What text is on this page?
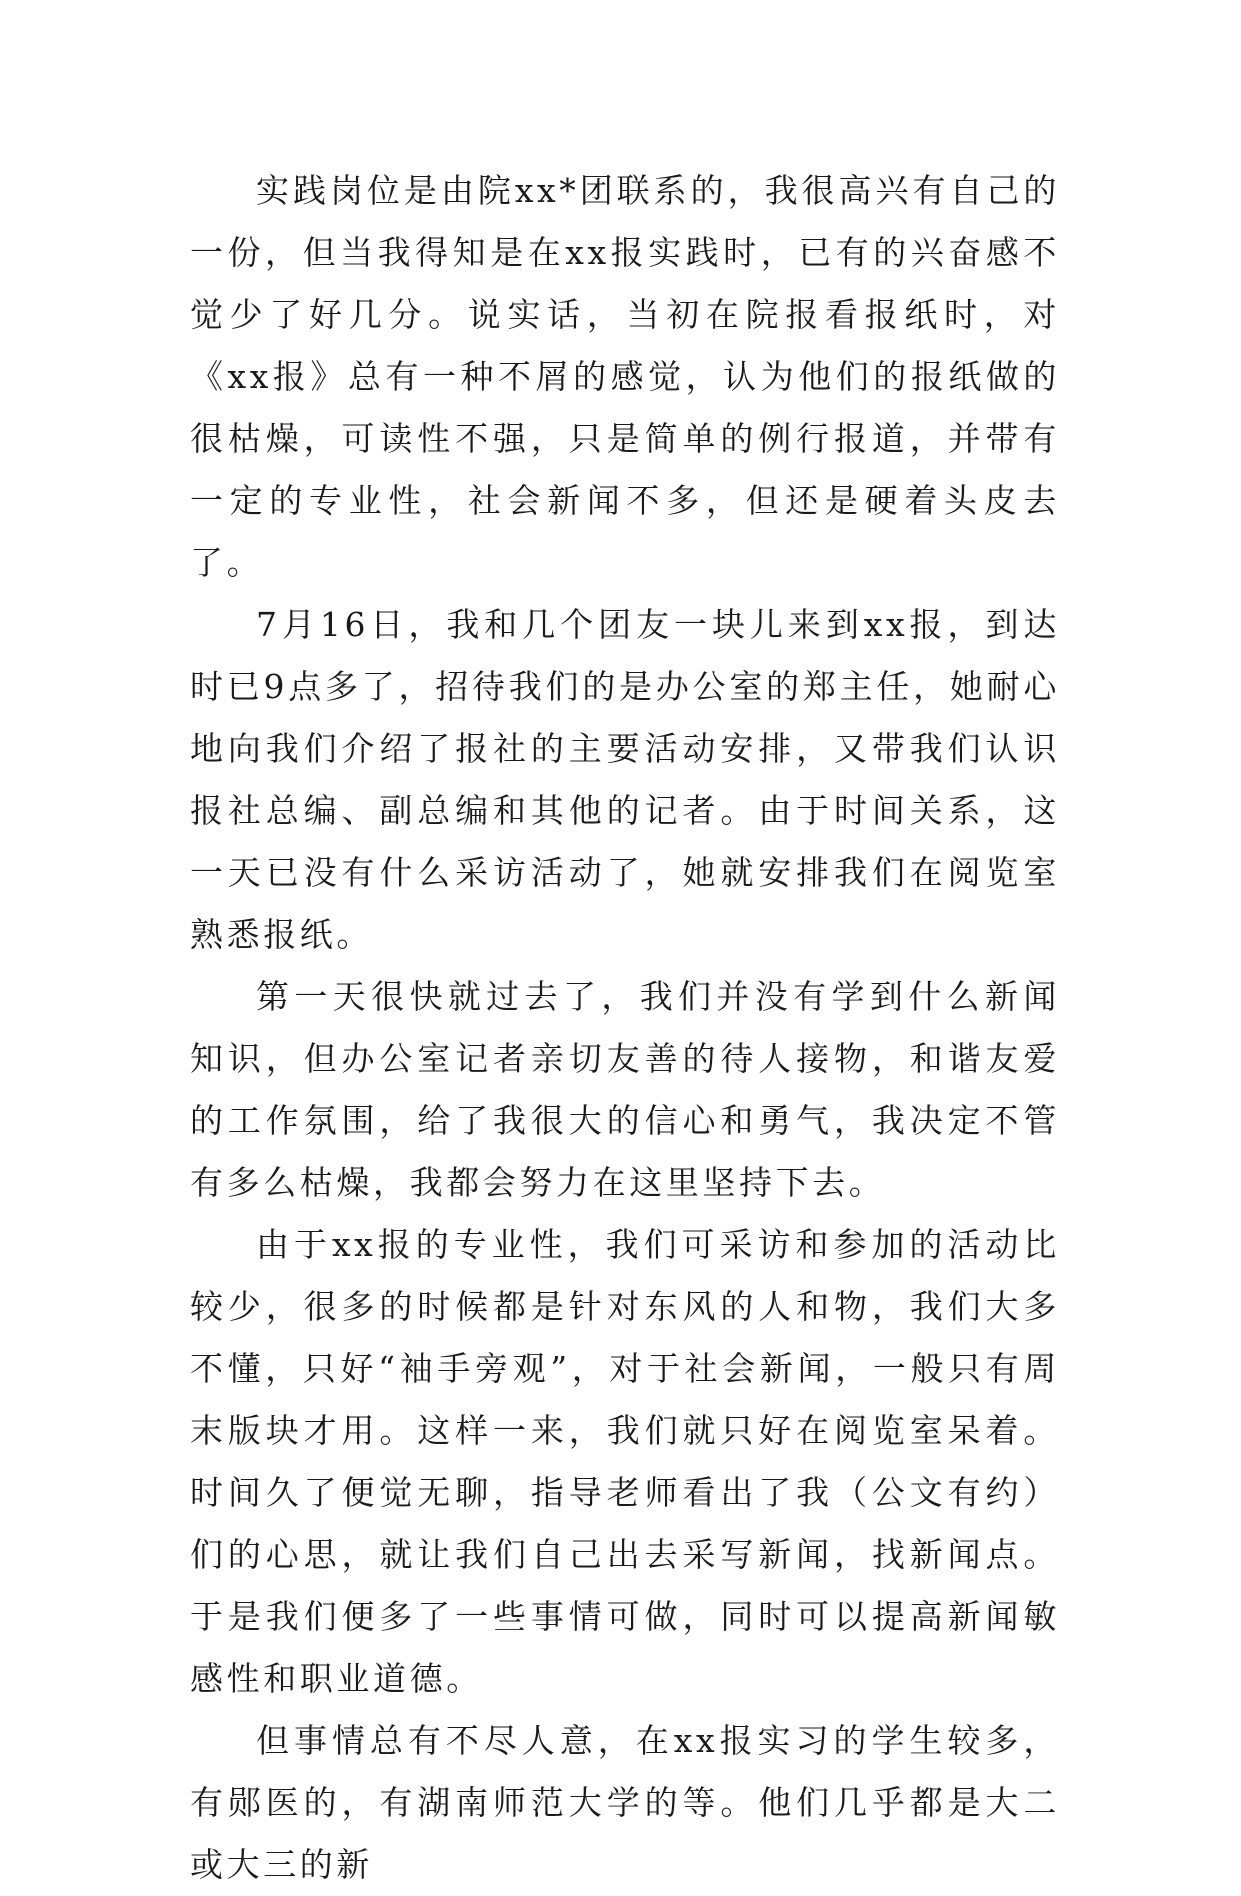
实践岗位是由院xx*团联系的，我很高兴有自己的一份，但当我得知是在xx报实践时，已有的兴奋感不觉少了好几分。说实话，当初在院报看报纸时，对《xx报》总有一种不屑的感觉，认为他们的报纸做的很枯燥，可读性不强，只是简单的例行报道，并带有一定的专业性，社会新闻不多，但还是硬着头皮去了。

7月16日，我和几个团友一块儿来到xx报，到达时已9点多了，招待我们的是办公室的郑主任，她耐心地向我们介绍了报社的主要活动安排，又带我们认识报社总编、副总编和其他的记者。由于时间关系，这一天已没有什么采访活动了，她就安排我们在阅览室熟悉报纸。

第一天很快就过去了，我们并没有学到什么新闻知识，但办公室记者亲切友善的待人接物，和谐友爱的工作氛围，给了我很大的信心和勇气，我决定不管有多么枯燥，我都会努力在这里坚持下去。

由于xx报的专业性，我们可采访和参加的活动比较少，很多的时候都是针对东风的人和物，我们大多不懂，只好“袖手旁观”，对于社会新闻，一般只有周末版块才用。这样一来，我们就只好在阅览室呆着。时间久了便觉无聊，指导老师看出了我（公文有约）们的心思，就让我们自己出去采写新闻，找新闻点。于是我们便多了一些事情可做，同时可以提高新闻敏感性和职业道德。

但事情总有不尽人意，在xx报实习的学生较多，有郧医的，有湖南师范大学的等。他们几乎都是大二或大三的新
